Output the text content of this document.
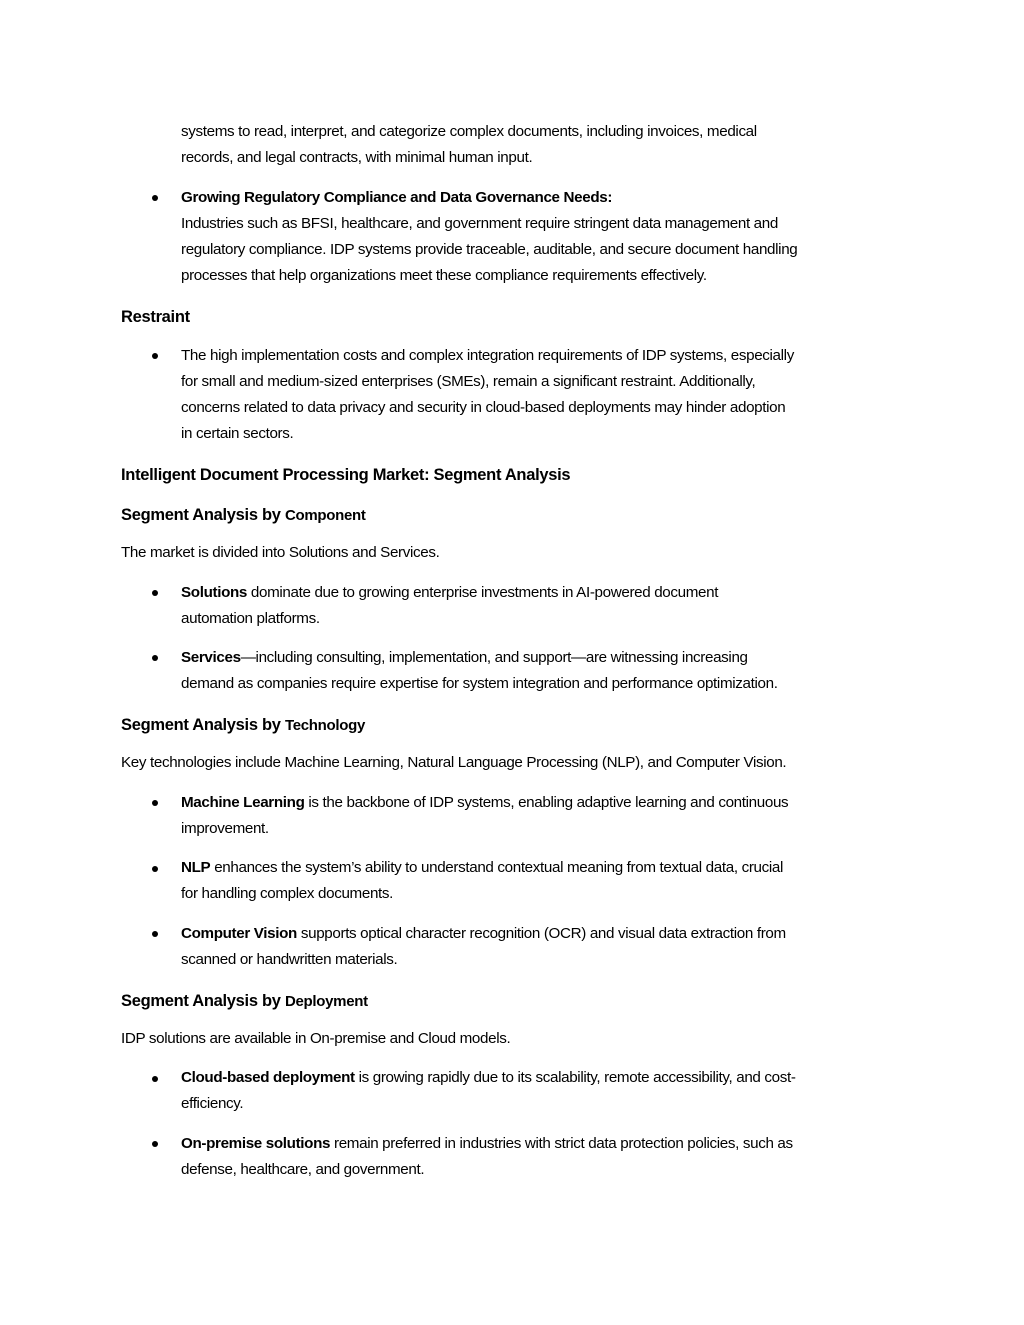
systems to read, interpret, and categorize complex documents, including invoices, medical
records, and legal contracts, with minimal human input.
Growing Regulatory Compliance and Data Governance Needs:
Industries such as BFSI, healthcare, and government require stringent data management and
regulatory compliance. IDP systems provide traceable, auditable, and secure document handling
processes that help organizations meet these compliance requirements effectively.
Restraint
The high implementation costs and complex integration requirements of IDP systems, especially
for small and medium-sized enterprises (SMEs), remain a significant restraint. Additionally,
concerns related to data privacy and security in cloud-based deployments may hinder adoption
in certain sectors.
Intelligent Document Processing Market: Segment Analysis
Segment Analysis by Component
The market is divided into Solutions and Services.
Solutions dominate due to growing enterprise investments in AI-powered document
automation platforms.
Services—including consulting, implementation, and support—are witnessing increasing
demand as companies require expertise for system integration and performance optimization.
Segment Analysis by Technology
Key technologies include Machine Learning, Natural Language Processing (NLP), and Computer Vision.
Machine Learning is the backbone of IDP systems, enabling adaptive learning and continuous
improvement.
NLP enhances the system’s ability to understand contextual meaning from textual data, crucial
for handling complex documents.
Computer Vision supports optical character recognition (OCR) and visual data extraction from
scanned or handwritten materials.
Segment Analysis by Deployment
IDP solutions are available in On-premise and Cloud models.
Cloud-based deployment is growing rapidly due to its scalability, remote accessibility, and cost-
efficiency.
On-premise solutions remain preferred in industries with strict data protection policies, such as
defense, healthcare, and government.
